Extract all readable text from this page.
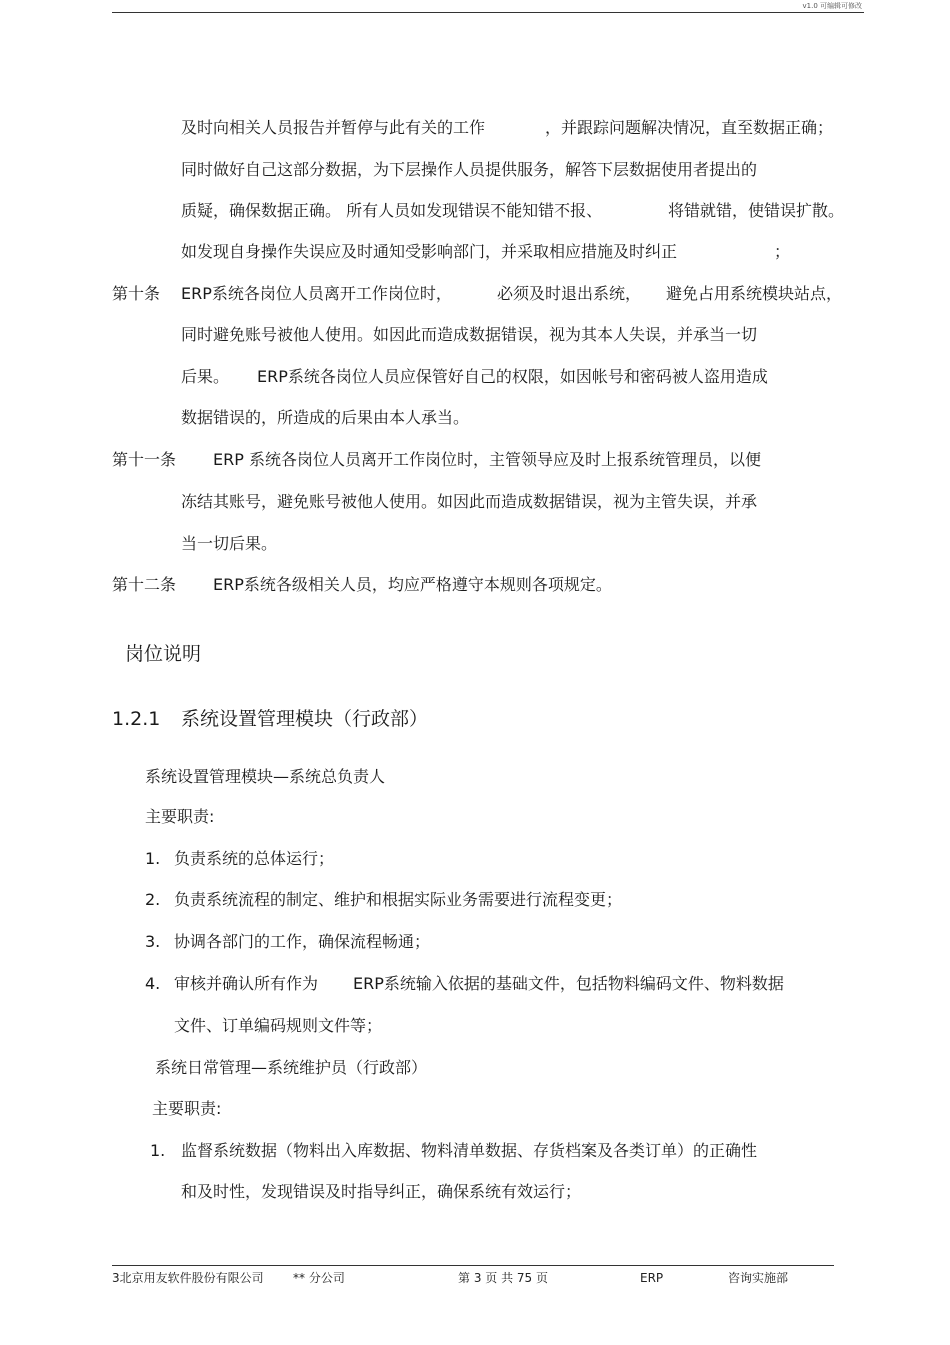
v1.0 可编辑可修改
及时向相关人员报告并暂停与此有关的工作	，并跟踪问题解决情况，直至数据正确；
同时做好自己这部分数据，为下层操作人员提供服务，解答下层数据使用者提出的
质疑，确保数据正确。 所有人员如发现错误不能知错不报、	将错就错，使错误扩散。
如发现自身操作失误应及时通知受影响部门，并采取相应措施及时纠正	；
第十条 ERP系统各岗位人员离开工作岗位时，	必须及时退出系统， 避免占用系统模块站点，
同时避免账号被他人使用。如因此而造成数据错误，视为其本人失误，并承当一切
后果。 ERP系统各岗位人员应保管好自己的权限，如因帐号和密码被人盗用造成
数据错误的，所造成的后果由本人承当。
第十一条 ERP 系统各岗位人员离开工作岗位时，主管领导应及时上报系统管理员，以便
冻结其账号，避免账号被他人使用。如因此而造成数据错误，视为主管失误，并承
当一切后果。
第十二条 ERP系统各级相关人员，均应严格遵守本规则各项规定。
岗位说明
1.2.1 系统设置管理模块（行政部）
系统设置管理模块—系统总负责人
主要职责:
1. 负责系统的总体运行；
2. 负责系统流程的制定、维护和根据实际业务需要进行流程变更；
3. 协调各部门的工作，确保流程畅通；
4. 审核并确认所有作为 ERP系统输入依据的基础文件，包括物料编码文件、物料数据
文件、订单编码规则文件等；
系统日常管理—系统维护员（行政部）
主要职责:
1. 监督系统数据（物料出入库数据、物料清单数据、存货档案及各类订单）的正确性
和及时性，发现错误及时指导纠正，确保系统有效运行；
3北京用友软件股份有限公司 ** 分公司	第 3 页 共 75 页	ERP	咨询实施部
